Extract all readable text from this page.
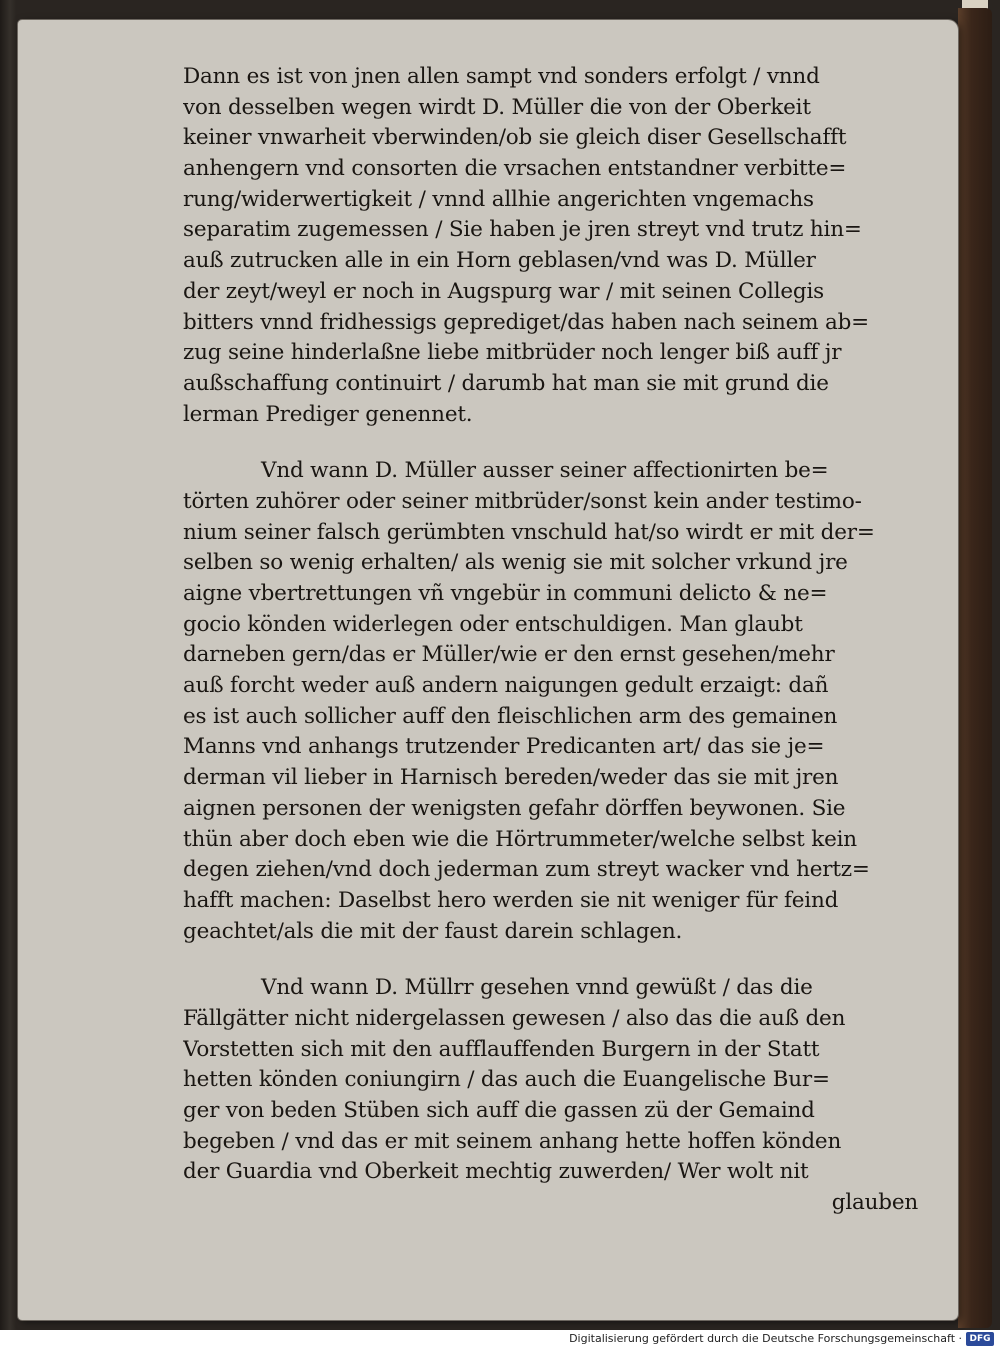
Dann es ist von jnen allen sampt vnd sonders erfolgt / vnnd
von desselben wegen wirdt D. Müller die von der Oberkeit
keiner vnwarheit vberwinden/ob sie gleich diser Gesellschafft
anhengern vnd consorten die vrsachen entstandner verbitte=
rung/widerwertigkeit / vnnd allhie angerichten vngemachs
separatim zugemessen / Sie haben je jren streyt vnd trutz hin=
auß zutrucken alle in ein Horn geblasen/vnd was D. Müller
der zeyt/weyl er noch in Augspurg war / mit seinen Collegis
bitters vnnd fridhessigs geprediget/das haben nach seinem ab=
zug seine hinderlaßne liebe mitbrüder noch lenger biß auff jr
außschaffung continuirt / darumb hat man sie mit grund die
lerman Prediger genennet.
Vnd wann D. Müller ausser seiner affectionirten be=
törten zuhörer oder seiner mitbrüder/sonst kein ander testimo-
nium seiner falsch gerümbten vnschuld hat/so wirdt er mit der=
selben so wenig erhalten/ als wenig sie mit solcher vrkund jre
aigne vbertrettungen vñ vngebür in communi delicto & ne=
gocio könden widerlegen oder entschuldigen. Man glaubt
darneben gern/das er Müller/wie er den ernst gesehen/mehr
auß forcht weder auß andern naigungen gedult erzaigt: dañ
es ist auch sollicher auff den fleischlichen arm des gemainen
Manns vnd anhangs trutzender Predicanten art/ das sie je=
derman vil lieber in Harnisch bereden/weder das sie mit jren
aignen personen der wenigsten gefahr dörffen beywonen. Sie
thün aber doch eben wie die Hörtrummeter/welche selbst kein
degen ziehen/vnd doch jederman zum streyt wacker vnd hertz=
hafft machen: Daselbst hero werden sie nit weniger für feind
geachtet/als die mit der faust darein schlagen.
Vnd wann D. Müllrr gesehen vnnd gewüßt / das die
Fällgätter nicht nidergelassen gewesen / also das die auß den
Vorstetten sich mit den aufflauffenden Burgern in der Statt
hetten könden coniungirn / das auch die Euangelische Bur=
ger von beden Stüben sich auff die gassen zü der Gemaind
begeben / vnd das er mit seinem anhang hette hoffen könden
der Guardia vnd Oberkeit mechtig zuwerden/ Wer wolt nit
glauben
Digitalisierung gefördert durch die Deutsche Forschungsgemeinschaft · DFG
